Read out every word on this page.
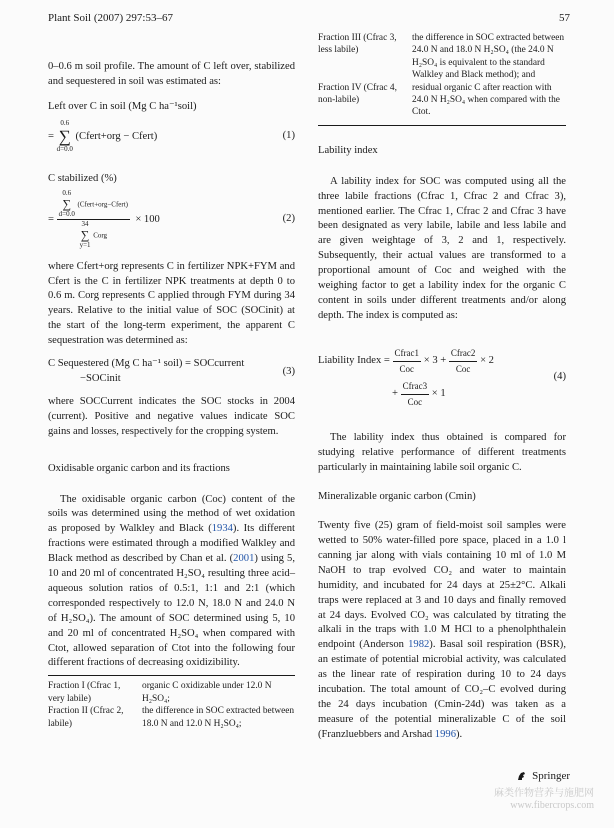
Plant Soil (2007) 297:53–67	57

0–0.6 m soil profile. The amount of C left over, stabilized and sequestered in soil was estimated as:

Left over C in soil (Mg C ha⁻¹soil)
=
0.6
∑
d=0.0
(Cfert+org − Cfert)	(1)
C stabilized (%)
= 0.6
∑
d=0.0
(Cfert+org−Cfert)
34
∑
y=1
Corg × 100	(2)

where Cfert+org represents C in fertilizer NPK+FYM and Cfert is the C in fertilizer NPK treatments at depth 0 to 0.6 m. Corg represents C applied through FYM during 34 years. Relative to the initial value of SOC (SOCinit) at the start of the long-term experiment, the apparent C sequestration was determined as:

C Sequestered (Mg C ha⁻¹ soil) = SOCcurrent
−SOCinit
(3)

where SOCCurrent indicates the SOC stocks in 2004 (current). Positive and negative values indicate SOC gains and losses, respectively for the cropping system.

Oxidisable organic carbon and its fractions

The oxidisable organic carbon (Coc) content of the soils was determined using the method of wet oxidation as proposed by Walkley and Black (1934). Its different fractions were estimated through a modified Walkley and Black method as described by Chan et al. (2001) using 5, 10 and 20 ml of concentrated H₂SO₄ resulting three acid–aqueous solution ratios of 0.5:1, 1:1 and 2:1 (which corresponded respectively to 12.0 N, 18.0 N and 24.0 N of H₂SO₄). The amount of SOC determined using 5, 10 and 20 ml of concentrated H₂SO₄ when compared with Ctot, allowed separation of Ctot into the following four different fractions of decreasing oxidizibility.

Fraction I (Cfrac 1, very labile)	organic C oxidizable under 12.0 N H₂SO₄;
Fraction II (Cfrac 2, labile)	the difference in SOC extracted between 18.0 N and 12.0 N H₂SO₄;
Fraction III (Cfrac 3, less labile)	the difference in SOC extracted between 24.0 N and 18.0 N H₂SO₄ (the 24.0 N H₂SO₄ is equivalent to the standard Walkley and Black method); and
Fraction IV (Cfrac 4, non-labile)	residual organic C after reaction with 24.0 N H₂SO₄ when compared with the Ctot.
Lability index

A lability index for SOC was computed using all the three labile fractions (Cfrac 1, Cfrac 2 and Cfrac 3), mentioned earlier. The Cfrac 1, Cfrac 2 and Cfrac 3 have been designated as very labile, labile and less labile and are given weightage of 3, 2 and 1, respectively. Subsequently, their actual values are transformed to a proportional amount of Coc and weighed with the weighing factor to get a lability index for the organic C content in soils under different treatments and/or along depth. The index is computed as:

Liability Index =
$\frac{\text{Cfrac1}}{\text{Coc}}$
× 3 +
$\frac{\text{Cfrac2}}{\text{Coc}}$
× 2
+
$\frac{\text{Cfrac3}}{\text{Coc}}$
× 1
(4)

The lability index thus obtained is compared for studying relative performance of different treatments particularly in maintaining labile soil organic C.

Mineralizable organic carbon (Cmin)

Twenty five (25) gram of field-moist soil samples were wetted to 50% water-filled pore space, placed in a 1.0 l canning jar along with vials containing 10 ml of 1.0 M NaOH to trap evolved CO₂ and water to maintain humidity, and incubated for 24 days at 25±2°C. Alkali traps were replaced at 3 and 10 days and finally removed at 24 days. Evolved CO₂ was calculated by titrating the alkali in the traps with 1.0 M HCl to a phenolphthalein endpoint (Anderson 1982). Basal soil respiration (BSR), an estimate of potential microbial activity, was calculated as the linear rate of respiration during 10 to 24 days incubation. The total amount of CO₂–C evolved during the 24 days incubation (Cmin-24d) was taken as a measure of the potential mineralizable C of the soil (Franzluebbers and Arshad 1996).

Springer
麻类作物营养与施肥网
www.fibercrops.com
